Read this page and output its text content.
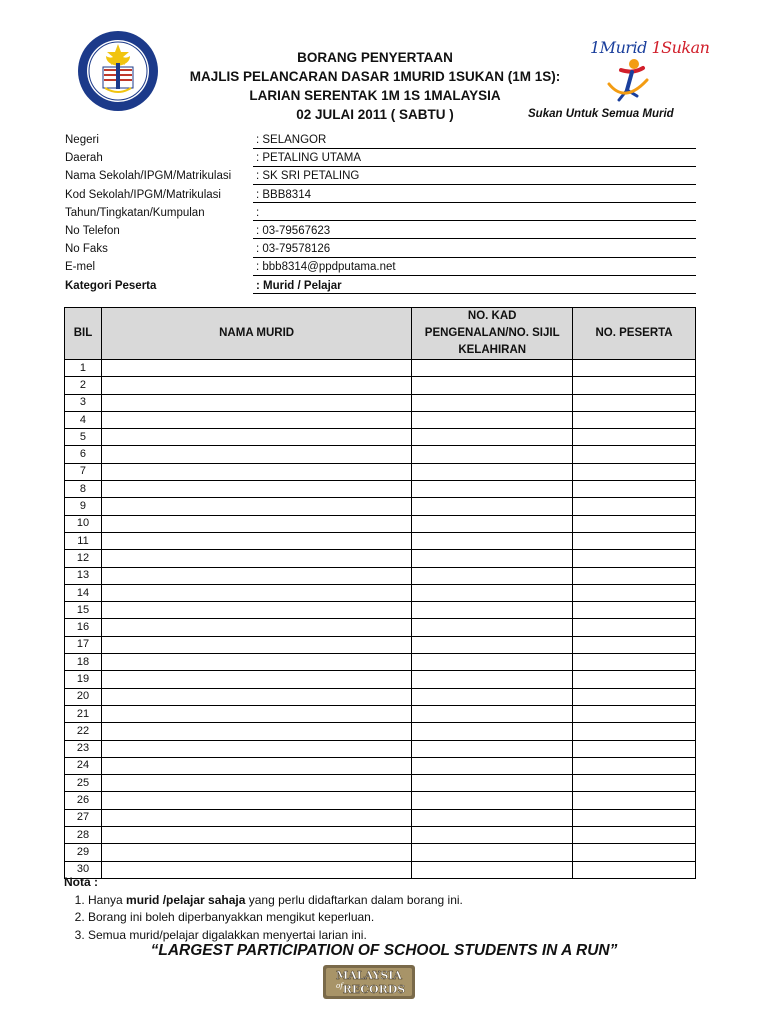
1Murid 1Sukan
Sukan Untuk Semua Murid
BORANG PENYERTAAN
MAJLIS PELANCARAN DASAR 1MURID 1SUKAN (1M 1S):
LARIAN SERENTAK 1M 1S 1MALAYSIA
02 JULAI 2011 ( SABTU )
Negeri	: SELANGOR
Daerah	: PETALING UTAMA
Nama Sekolah/IPGM/Matrikulasi : SK SRI PETALING
Kod Sekolah/IPGM/Matrikulasi	: BBB8314
Tahun/Tingkatan/Kumpulan	:
No Telefon	: 03-79567623
No Faks	: 03-79578126
E-mel	: bbb8314@ppdputama.net
Kategori Peserta	: Murid / Pelajar
BIL	NAMA MURID	NO. KAD PENGENALAN/NO. SIJIL KELAHIRAN	NO. PESERTA
1			
2			
3			
4			
5			
6			
7			
8			
9			
10			
11			
12			
13			
14			
15			
16			
17			
18			
19			
20			
21			
22			
23			
24			
25			
26			
27			
28			
29			
30			
Nota :
1. Hanya murid /pelajar sahaja yang perlu didaftarkan dalam borang ini.
2. Borang ini boleh diperbanyakkan mengikut keperluan.
3. Semua murid/pelajar digalakkan menyertai larian ini.
“LARGEST PARTICIPATION OF SCHOOL STUDENTS IN A RUN”
MALAYSIA
RECORDS
of
